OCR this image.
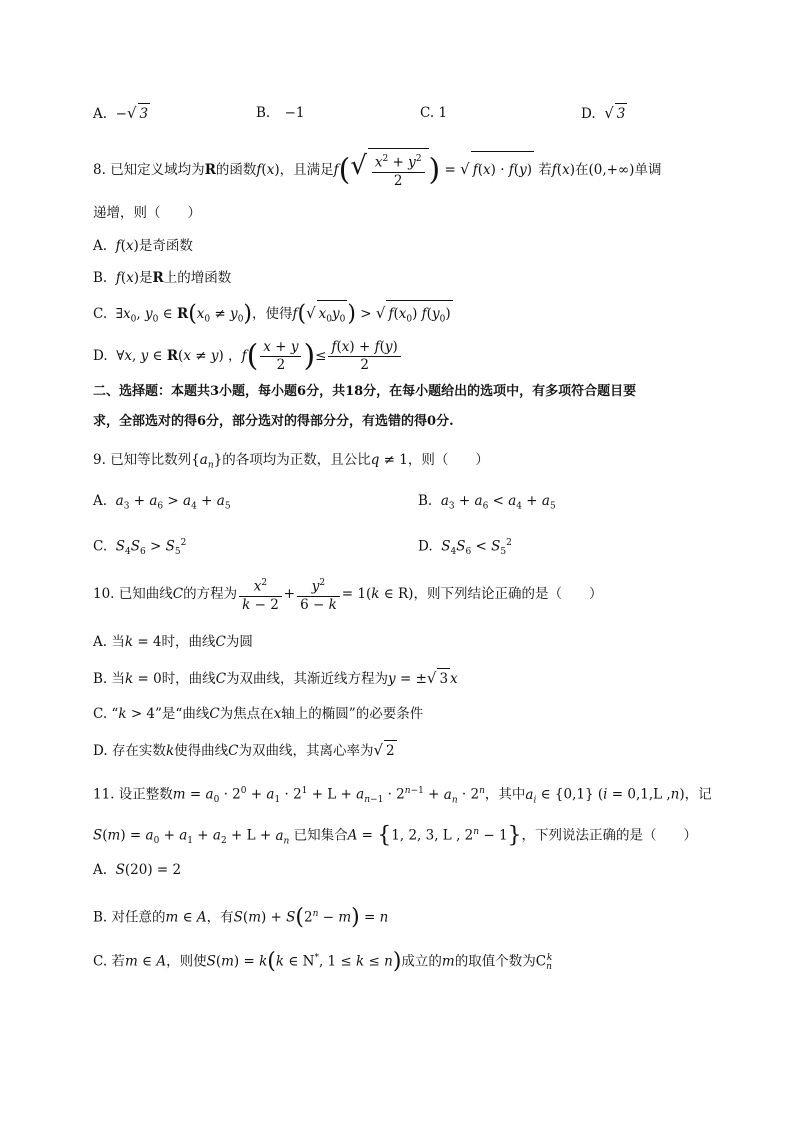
A.  −√ 3	B. −1	C. 1	D. √ 3
8. 已知定义域均为R的函数f(x)，且满足$f(√ \frac{x^2 + y^2}{2}$ ) = √ f(x) · f(y) 若f(x)在(0,+∞)单调
递增，则（　　）
A. f(x)是奇函数
B. f(x)是R上的增函数
C.  $\exists x_0$, $y_0$ ∈ $R(x_0 \ne y_0)$，使得f(√ $x_0y_0$) > √ $f(x_0)$ $f(y_0)$
D.  ∀x, y ∈ R(x ≠ y) ，$f( \frac{x + y}{2}$ )≤ $\frac{f(x) + f(y)}{2}$
二、选择题：本题共3小题，每小题6分，共18分，在每小题给出的选项中，有多项符合题目要
求，全部选对的得6分，部分选对的得部分分，有选错的得0分.
9. 已知等比数列$\{a_n\}$的各项均为正数，且公比q ≠ 1，则（　　）
A. $a_3 + a_6 > a_4 + a_5$	B. $a_3 + a_6 < a_4 + a_5$
C. $S_4S_6 > S_5^2$	D. $S_4S_6 < S_5^2$
10. 已知曲线C的方程为 $\frac{x^2}{k - 2} + \frac{y^2}{6 - k} = 1(k$ ∈ R)，则下列结论正确的是（　　）
A. 当k = 4时，曲线C为圆
B. 当k = 0时，曲线C为双曲线，其渐近线方程为y = ±√ 3 x
C. “k > 4”是“曲线C为焦点在x轴上的椭圆”的必要条件
D. 存在实数k使得曲线C为双曲线，其离心率为√ 2
11. 设正整数$m = a_0 \cdot 2^0 + a_1 \cdot 2^1 + L + a_{n-1} \cdot 2^{n-1} + a_n \cdot 2^n$，其中$a_i$ ∈ {0,1} (i = 0,1,L ,n)，记
$S(m) = a_0 + a_1 + a_2 + L + a_n$ 已知集合A = {1, 2, 3, L , $2^n - 1$}，下列说法正确的是（　　）
A. S(20) = 2
B. 对任意的m ∈ A，有$S(m) + S(2^n - m) = n$
C. 若m ∈ A，则使S(m) = k(k ∈ N*, 1 ≤ k ≤ n)成立的m的取值个数为$C_n^k$
